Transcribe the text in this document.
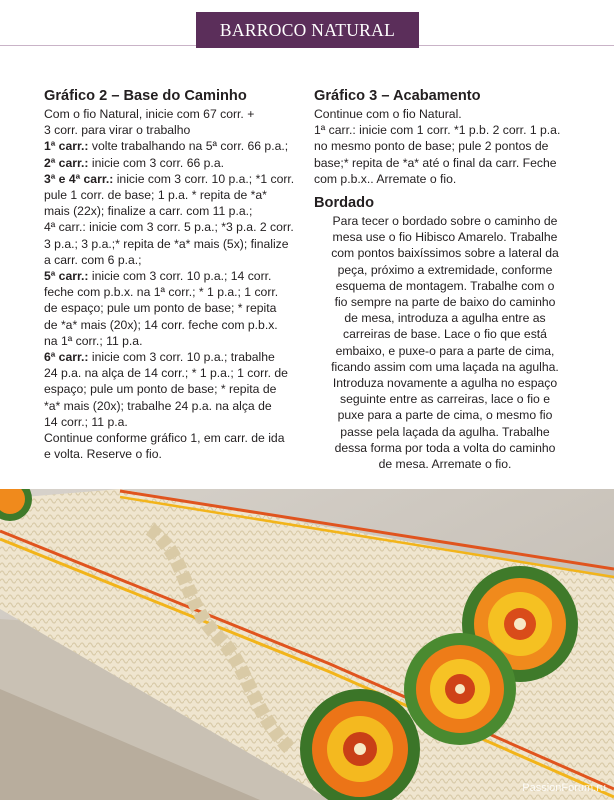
BARROCO NATURAL
Gráfico 2 – Base do Caminho

Com o fio Natural, inicie com 67 corr. +

3 corr. para virar o trabalho

1ª carr.: volte trabalhando na 5ª corr. 66 p.a.;

2ª carr.: inicie com 3 corr. 66 p.a.

3ª e 4ª carr.: inicie com 3 corr. 10 p.a.; *1 corr.

pule 1 corr. de base; 1 p.a. * repita de *a*

mais (22x); finalize a carr. com 11 p.a.;

4ª carr.: inicie com 3 corr. 5 p.a.; *3 p.a. 2 corr.

3 p.a.; 3 p.a.;* repita de *a* mais (5x); finalize

a carr. com 6 p.a.;

5ª carr.: inicie com 3 corr. 10 p.a.; 14 corr.

feche com p.b.x. na 1ª corr.; * 1 p.a.; 1 corr.

de espaço; pule um ponto de base; * repita

de *a* mais (20x); 14 corr. feche com p.b.x.

na 1ª corr.; 11 p.a.

6ª carr.: inicie com 3 corr. 10 p.a.; trabalhe

24 p.a. na alça de 14 corr.; * 1 p.a.; 1 corr. de

espaço; pule um ponto de base; * repita de

*a* mais (20x); trabalhe 24 p.a. na alça de

14 corr.; 11 p.a.

Continue conforme gráfico 1, em carr. de ida

e volta. Reserve o fio.

Gráfico 3 – Acabamento

Continue com o fio Natural.

1ª carr.: inicie com 1 corr. *1 p.b. 2 corr. 1 p.a.

no mesmo ponto de base; pule 2 pontos de

base;* repita de *a* até o final da carr. Feche

com p.b.x.. Arremate o fio.

Bordado

Para tecer o bordado sobre o caminho de

mesa use o fio Hibisco Amarelo. Trabalhe

com pontos baixíssimos sobre a lateral da

peça, próximo a extremidade, conforme

esquema de montagem. Trabalhe com o

fio sempre na parte de baixo do caminho

de mesa, introduza a agulha entre as

carreiras de base. Lace o fio que está

embaixo, e puxe-o para a parte de cima,

ficando assim com uma laçada na agulha.

Introduza novamente a agulha no espaço

seguinte entre as carreiras, lace o fio e

puxe para a parte de cima, o mesmo fio

passe pela laçada da agulha. Trabalhe

dessa forma por toda a volta do caminho

de mesa. Arremate o fio.

PassionForum.ru
